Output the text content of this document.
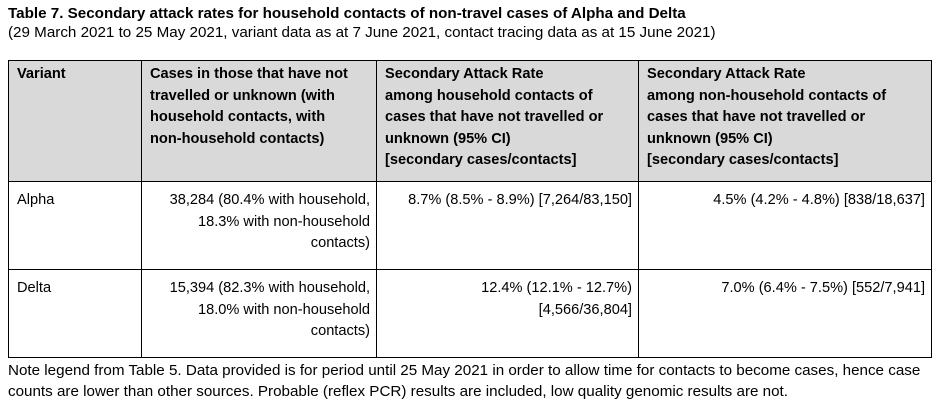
Table 7. Secondary attack rates for household contacts of non-travel cases of Alpha and Delta
(29 March 2021 to 25 May 2021, variant data as at 7 June 2021, contact tracing data as at 15 June 2021)
Variant	Cases in those that have not
travelled or unknown (with
household contacts, with
non-household contacts)	Secondary Attack Rate
among household contacts of
cases that have not travelled or
unknown (95% CI)
[secondary cases/contacts]	Secondary Attack Rate
among non-household contacts of
cases that have not travelled or
unknown (95% CI)
[secondary cases/contacts]

Alpha	38,284 (80.4% with household,
18.3% with non-household
contacts)	8.7% (8.5% - 8.9%) [7,264/83,150]	4.5% (4.2% - 4.8%) [838/18,637]

Delta	15,394 (82.3% with household,
18.0% with non-household
contacts)	12.4% (12.1% - 12.7%)
[4,566/36,804]	7.0% (6.4% - 7.5%) [552/7,941]
Note legend from Table 5. Data provided is for period until 25 May 2021 in order to allow time for contacts to become cases, hence case counts are lower than other sources. Probable (reflex PCR) results are included, low quality genomic results are not.
